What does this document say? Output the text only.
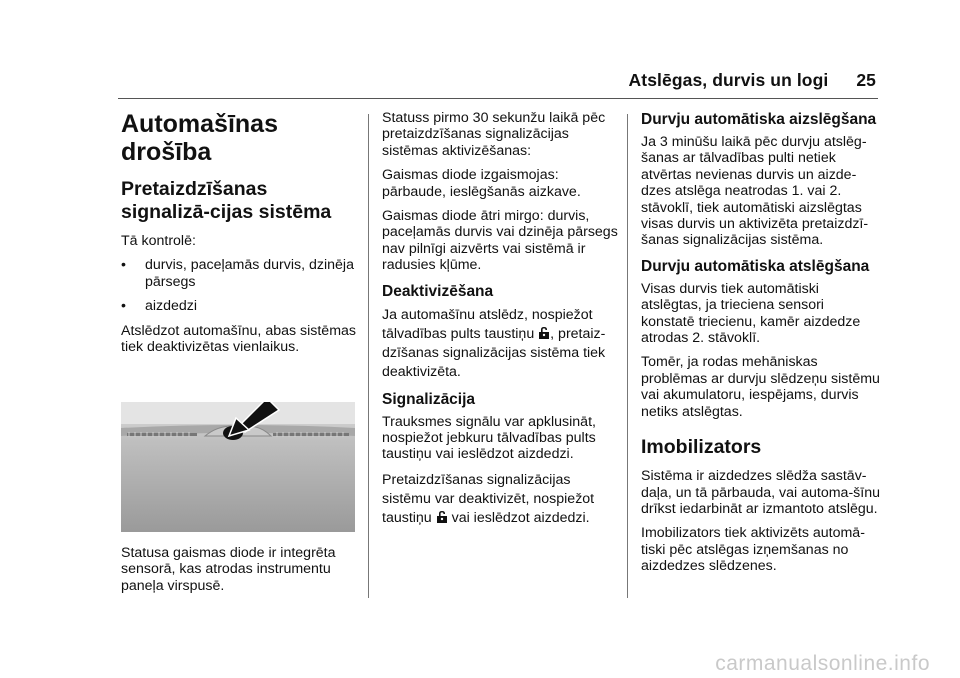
Atslēgas, durvis un logi 25
Automašīnas drošība
Pretaizdzīšanas signalizā-cijas sistēma

Tā kontrolē:

• durvis, paceļamās durvis, dzinēja pārsegs
• aizdedzi

Atslēdzot automašīnu, abas sistēmas tiek deaktivizētas vienlaikus.

Statusa gaismas diode ir integrēta sensorā, kas atrodas instrumentu paneļa virspusē.

Statuss pirmo 30 sekunžu laikā pēc pretaizdzīšanas signalizācijas sistēmas aktivizēšanas:

Gaismas diode izgaismojas: pārbaude, ieslēgšanās aizkave.

Gaismas diode ātri mirgo: durvis, paceļamās durvis vai dzinēja pārsegs nav pilnīgi aizvērts vai sistēmā ir radusies kļūme.

Deaktivizēšana

Ja automašīnu atslēdz, nospiežot tālvadības pults taustiņu , pretaiz-dzīšanas signalizācijas sistēma tiek deaktivizēta.

Signalizācija

Trauksmes signālu var apklusināt, nospiežot jebkuru tālvadības pults taustiņu vai ieslēdzot aizdedzi.

Pretaizdzīšanas signalizācijas sistēmu var deaktivizēt, nospiežot taustiņu vai ieslēdzot aizdedzi.

Durvju automātiska aizslēgšana

Ja 3 minūšu laikā pēc durvju atslēg-šanas ar tālvadības pulti netiek atvērtas nevienas durvis un aizde-dzes atslēga neatrodas 1. vai 2. stāvoklī, tiek automātiski aizslēgtas visas durvis un aktivizēta pretaizdzī-šanas signalizācijas sistēma.

Durvju automātiska atslēgšana

Visas durvis tiek automātiski atslēgtas, ja trieciena sensori konstatē triecienu, kamēr aizdedze atrodas 2. stāvoklī.

Tomēr, ja rodas mehāniskas problēmas ar durvju slēdzeņu sistēmu vai akumulatoru, iespējams, durvis netiks atslēgtas.

Imobilizators

Sistēma ir aizdedzes slēdža sastāv-daļa, un tā pārbauda, vai automa-šīnu drīkst iedarbināt ar izmantoto atslēgu.

Imobilizators tiek aktivizēts automā-tiski pēc atslēgas izņemšanas no aizdedzes slēdzenes.

carmanualsonline.info
